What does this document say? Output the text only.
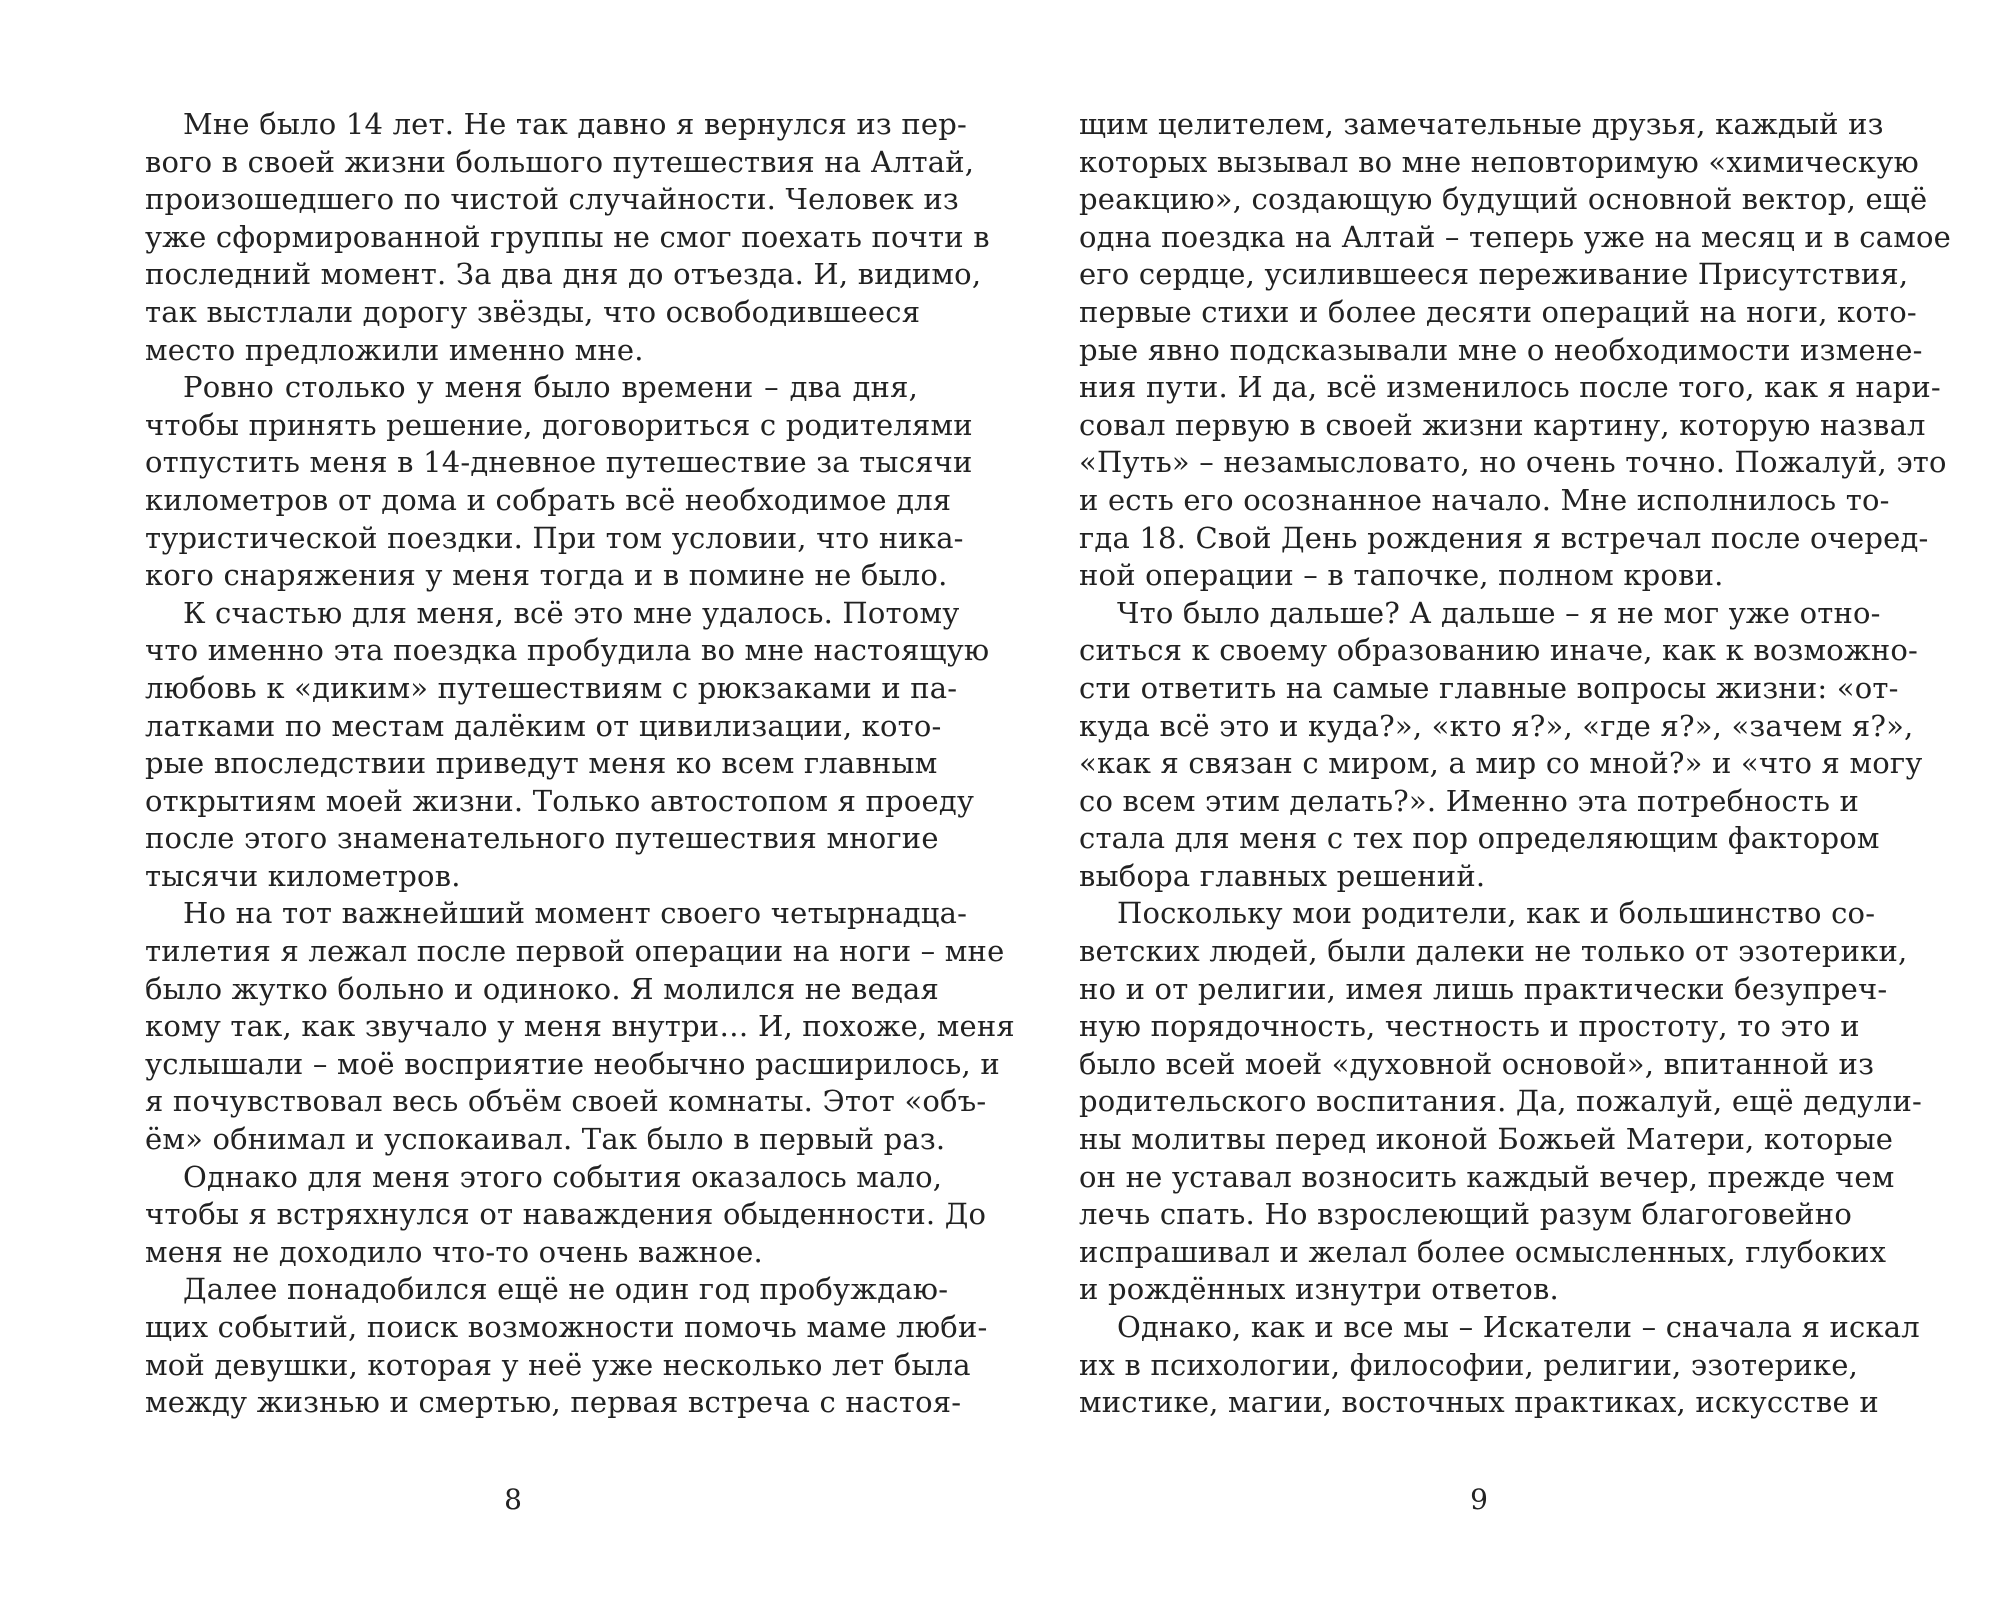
Мне было 14 лет. Не так давно я вернулся из пер-
вого в своей жизни большого путешествия на Алтай,
произошедшего по чистой случайности. Человек из
уже сформированной группы не смог поехать почти в
последний момент. За два дня до отъезда. И, видимо,
так выстлали дорогу звёзды, что освободившееся
место предложили именно мне.
Ровно столько у меня было времени – два дня,
чтобы принять решение, договориться с родителями
отпустить меня в 14-дневное путешествие за тысячи
километров от дома и собрать всё необходимое для
туристической поездки. При том условии, что ника-
кого снаряжения у меня тогда и в помине не было.
К счастью для меня, всё это мне удалось. Потому
что именно эта поездка пробудила во мне настоящую
любовь к «диким» путешествиям с рюкзаками и па-
латками по местам далёким от цивилизации, кото-
рые впоследствии приведут меня ко всем главным
открытиям моей жизни. Только автостопом я проеду
после этого знаменательного путешествия многие
тысячи километров.
Но на тот важнейший момент своего четырнадца-
тилетия я лежал после первой операции на ноги – мне
было жутко больно и одиноко. Я молился не ведая
кому так, как звучало у меня внутри… И, похоже, меня
услышали – моё восприятие необычно расширилось, и
я почувствовал весь объём своей комнаты. Этот «объ-
ём» обнимал и успокаивал. Так было в первый раз.
Однако для меня этого события оказалось мало,
чтобы я встряхнулся от наваждения обыденности. До
меня не доходило что-то очень важное.
Далее понадобился ещё не один год пробуждаю-
щих событий, поиск возможности помочь маме люби-
мой девушки, которая у неё уже несколько лет была
между жизнью и смертью, первая встреча с настоя-
8
щим целителем, замечательные друзья, каждый из
которых вызывал во мне неповторимую «химическую
реакцию», создающую будущий основной вектор, ещё
одна поездка на Алтай – теперь уже на месяц и в самое
его сердце, усилившееся переживание Присутствия,
первые стихи и более десяти операций на ноги, кото-
рые явно подсказывали мне о необходимости измене-
ния пути. И да, всё изменилось после того, как я нари-
совал первую в своей жизни картину, которую назвал
«Путь» – незамысловато, но очень точно. Пожалуй, это
и есть его осознанное начало. Мне исполнилось то-
гда 18. Свой День рождения я встречал после очеред-
ной операции – в тапочке, полном крови.
Что было дальше? А дальше – я не мог уже отно-
ситься к своему образованию иначе, как к возможно-
сти ответить на самые главные вопросы жизни: «от-
куда всё это и куда?», «кто я?», «где я?», «зачем я?»,
«как я связан с миром, а мир со мной?» и «что я могу
со всем этим делать?». Именно эта потребность и
стала для меня с тех пор определяющим фактором
выбора главных решений.
Поскольку мои родители, как и большинство со-
ветских людей, были далеки не только от эзотерики,
но и от религии, имея лишь практически безупреч-
ную порядочность, честность и простоту, то это и
было всей моей «духовной основой», впитанной из
родительского воспитания. Да, пожалуй, ещё дедули-
ны молитвы перед иконой Божьей Матери, которые
он не уставал возносить каждый вечер, прежде чем
лечь спать. Но взрослеющий разум благоговейно
испрашивал и желал более осмысленных, глубоких
и рождённых изнутри ответов.
Однако, как и все мы – Искатели – сначала я искал
их в психологии, философии, религии, эзотерике,
мистике, магии, восточных практиках, искусстве и
9
